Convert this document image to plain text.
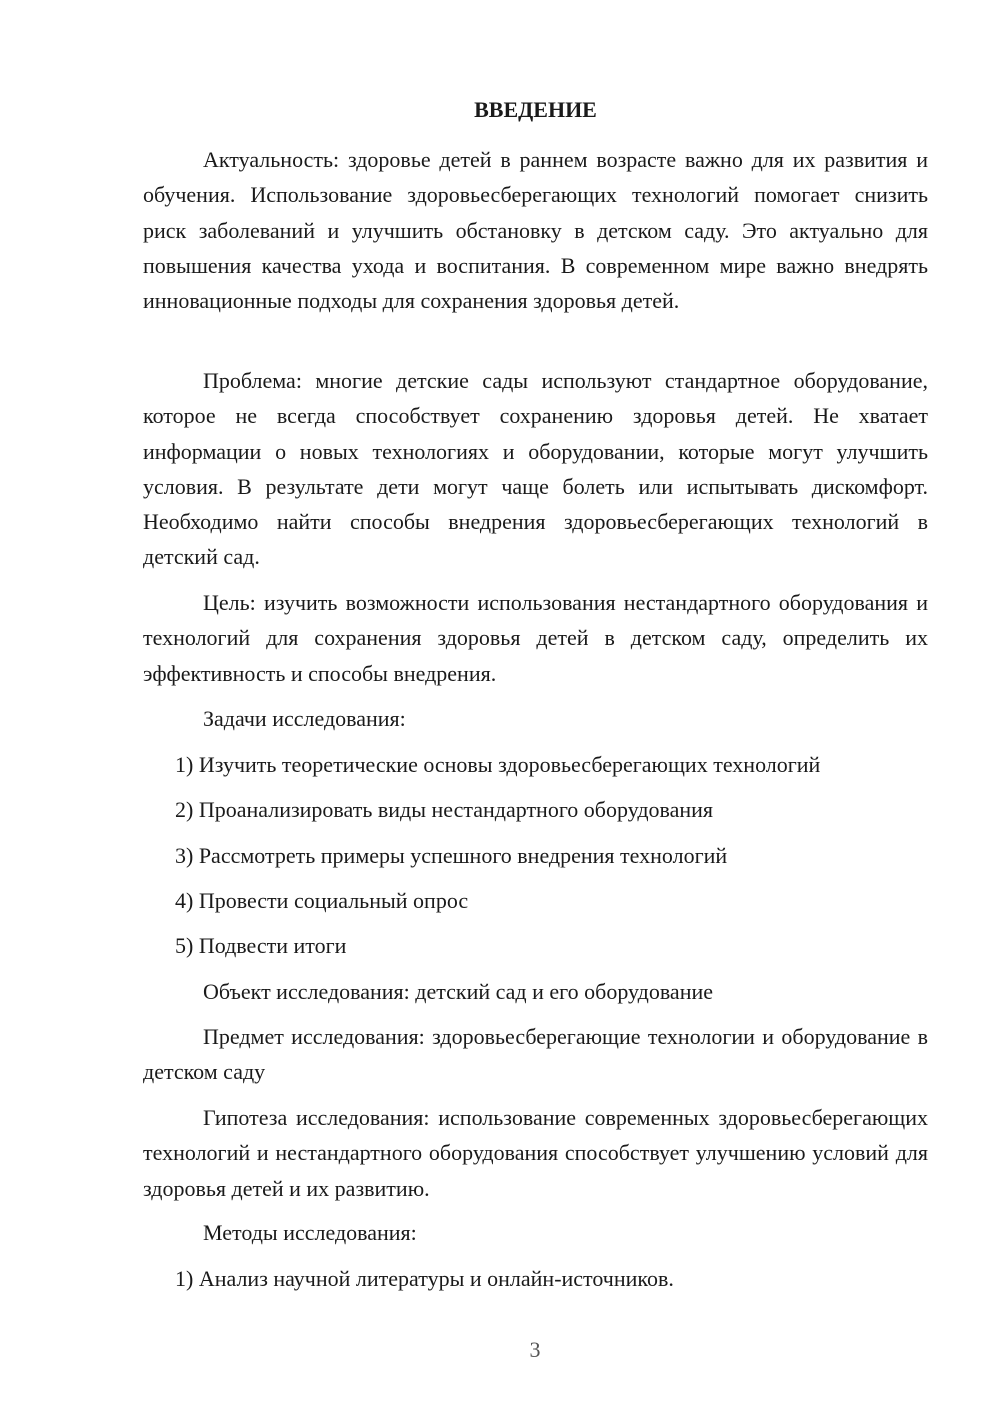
ВВЕДЕНИЕ

Актуальность: здоровье детей в раннем возрасте важно для их развития и обучения. Использование здоровьесберегающих технологий помогает снизить риск заболеваний и улучшить обстановку в детском саду. Это актуально для повышения качества ухода и воспитания. В современном мире важно внедрять инновационные подходы для сохранения здоровья детей.

Проблема: многие детские сады используют стандартное оборудование, которое не всегда способствует сохранению здоровья детей. Не хватает информации о новых технологиях и оборудовании, которые могут улучшить условия. В результате дети могут чаще болеть или испытывать дискомфорт. Необходимо найти способы внедрения здоровьесберегающих технологий в детский сад.

Цель: изучить возможности использования нестандартного оборудования и технологий для сохранения здоровья детей в детском саду, определить их эффективность и способы внедрения.

Задачи исследования:
1) Изучить теоретические основы здоровьесберегающих технологий
2) Проанализировать виды нестандартного оборудования
3) Рассмотреть примеры успешного внедрения технологий
4) Провести социальный опрос
5) Подвести итоги
Объект исследования: детский сад и его оборудование

Предмет исследования: здоровьесберегающие технологии и оборудование в детском саду

Гипотеза исследования: использование современных здоровьесберегающих технологий и нестандартного оборудования способствует улучшению условий для здоровья детей и их развитию.

Методы исследования:
1) Анализ научной литературы и онлайн-источников.
3
